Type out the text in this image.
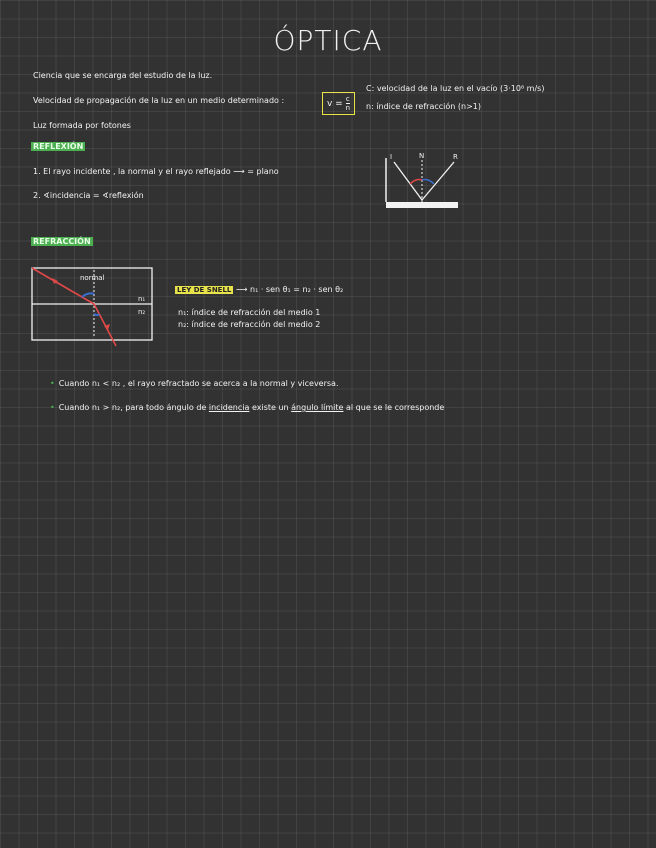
ÓPTICA
Ciencia que se encarga del estudio de la luz.
Velocidad de propagación de la luz en un medio determinado :	$v = \frac{c}{n}$
C: velocidad de la luz en el vacío (3·10⁸ m/s)
n: índice de refracción (n>1)
Luz formada por fotones
REFLEXIÓN
1. El rayo incidente , la normal y el rayo reflejado ⟶ = plano
2. ∢incidencia = ∢reflexión
I	N	R
REFRACCIÓN
normal
n₁
n₂
LEY DE SNELL ⟶ n₁ · sen θ₁ = n₂ · sen θ₂
n₁: índice de refracción del medio 1
n₂: índice de refracción del medio 2
• Cuando n₁ < n₂ , el rayo refractado se acerca a la normal y viceversa.
• Cuando n₁ > n₂, para todo ángulo de incidencia existe un ángulo límite al que se le corresponde
